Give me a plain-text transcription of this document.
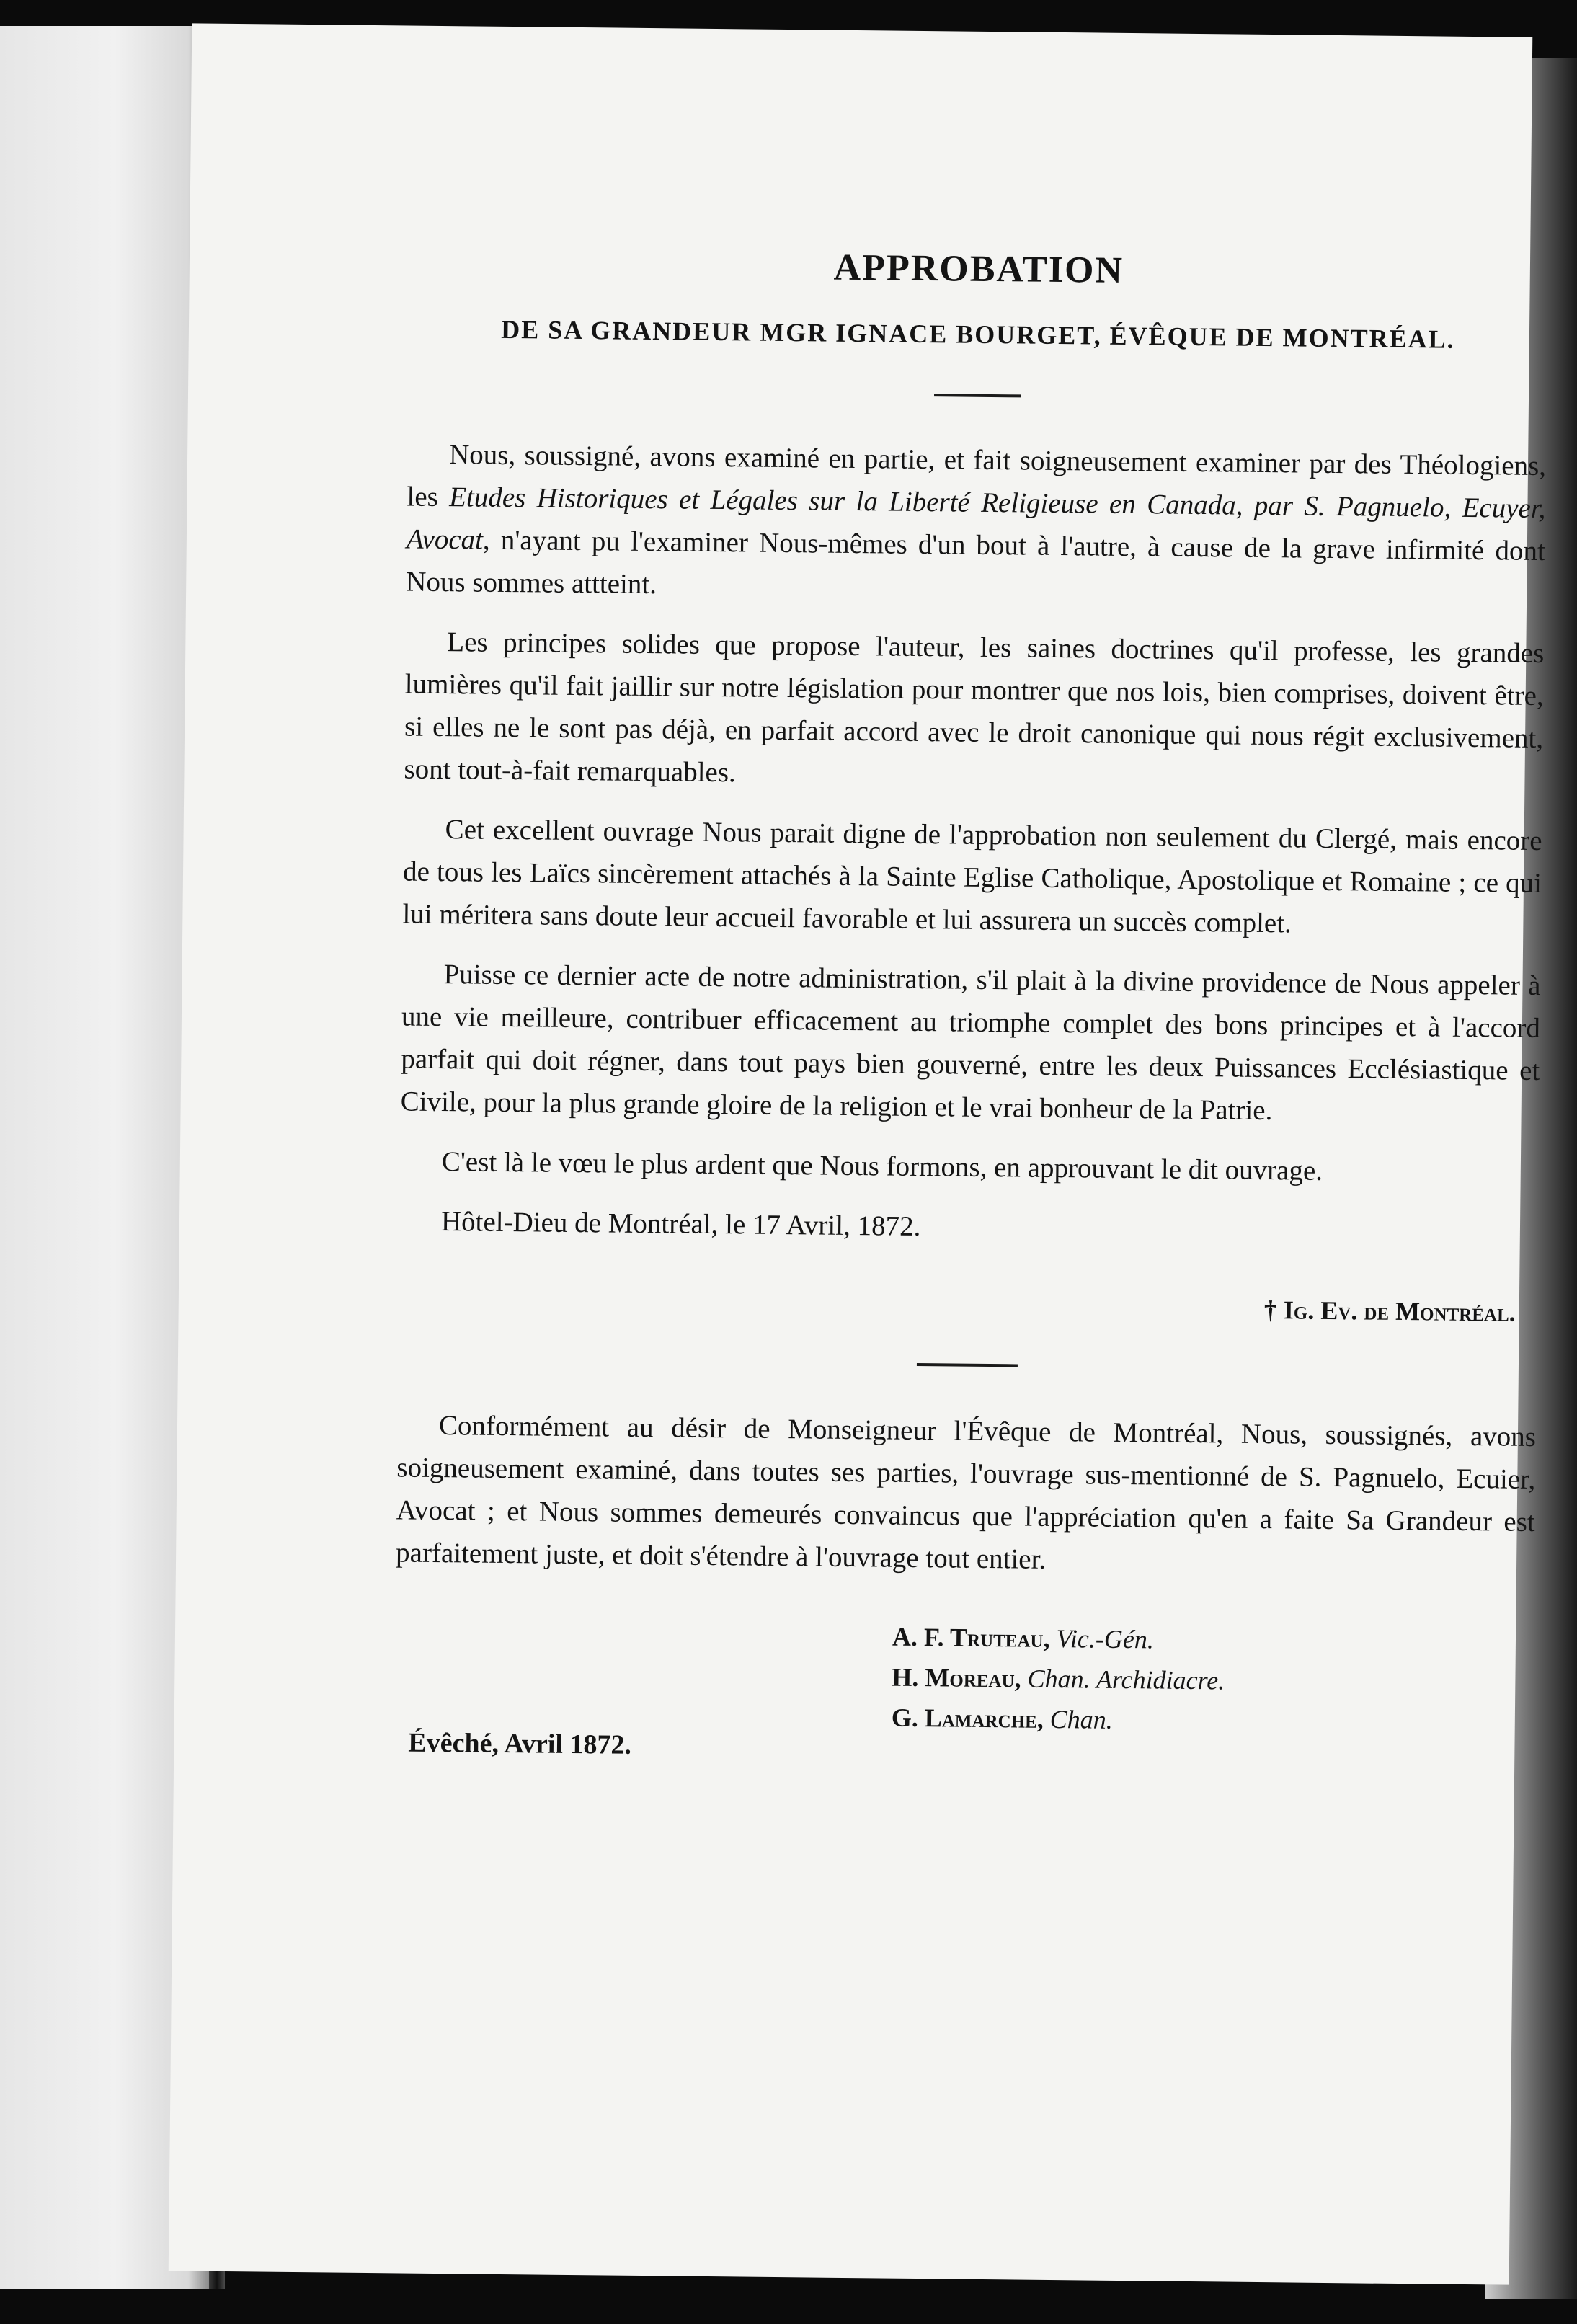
APPROBATION
DE SA GRANDEUR MGR IGNACE BOURGET, ÉVÊQUE DE MONTRÉAL.

Nous, soussigné, avons examiné en partie, et fait soigneusement examiner par des Théologiens, les Etudes Historiques et Légales sur la Liberté Religieuse en Canada, par S. Pagnuelo, Ecuyer, Avocat, n'ayant pu l'examiner Nous-mêmes d'un bout à l'autre, à cause de la grave infirmité dont Nous sommes attteint.

Les principes solides que propose l'auteur, les saines doctrines qu'il professe, les grandes lumières qu'il fait jaillir sur notre législation pour montrer que nos lois, bien comprises, doivent être, si elles ne le sont pas déjà, en parfait accord avec le droit canonique qui nous régit exclusivement, sont tout-à-fait remarquables.

Cet excellent ouvrage Nous parait digne de l'approbation non seulement du Clergé, mais encore de tous les Laïcs sincèrement attachés à la Sainte Eglise Catholique, Apostolique et Romaine ; ce qui lui méritera sans doute leur accueil favorable et lui assurera un succès complet.

Puisse ce dernier acte de notre administration, s'il plait à la divine providence de Nous appeler à une vie meilleure, contribuer efficacement au triomphe complet des bons principes et à l'accord parfait qui doit régner, dans tout pays bien gouverné, entre les deux Puissances Ecclésiastique et Civile, pour la plus grande gloire de la religion et le vrai bonheur de la Patrie.

C'est là le vœu le plus ardent que Nous formons, en approuvant le dit ouvrage.

Hôtel-Dieu de Montréal, le 17 Avril, 1872.

† Ig. Ev. de Montréal.

Conformément au désir de Monseigneur l'Évêque de Montréal, Nous, soussignés, avons soigneusement examiné, dans toutes ses parties, l'ouvrage sus-mentionné de S. Pagnuelo, Ecuier, Avocat ; et Nous sommes demeurés convaincus que l'appréciation qu'en a faite Sa Grandeur est parfaitement juste, et doit s'étendre à l'ouvrage tout entier.

A. F. Truteau, Vic.-Gén.
H. Moreau, Chan. Archidiacre.
G. Lamarche, Chan.
Évêché, Avril 1872.
